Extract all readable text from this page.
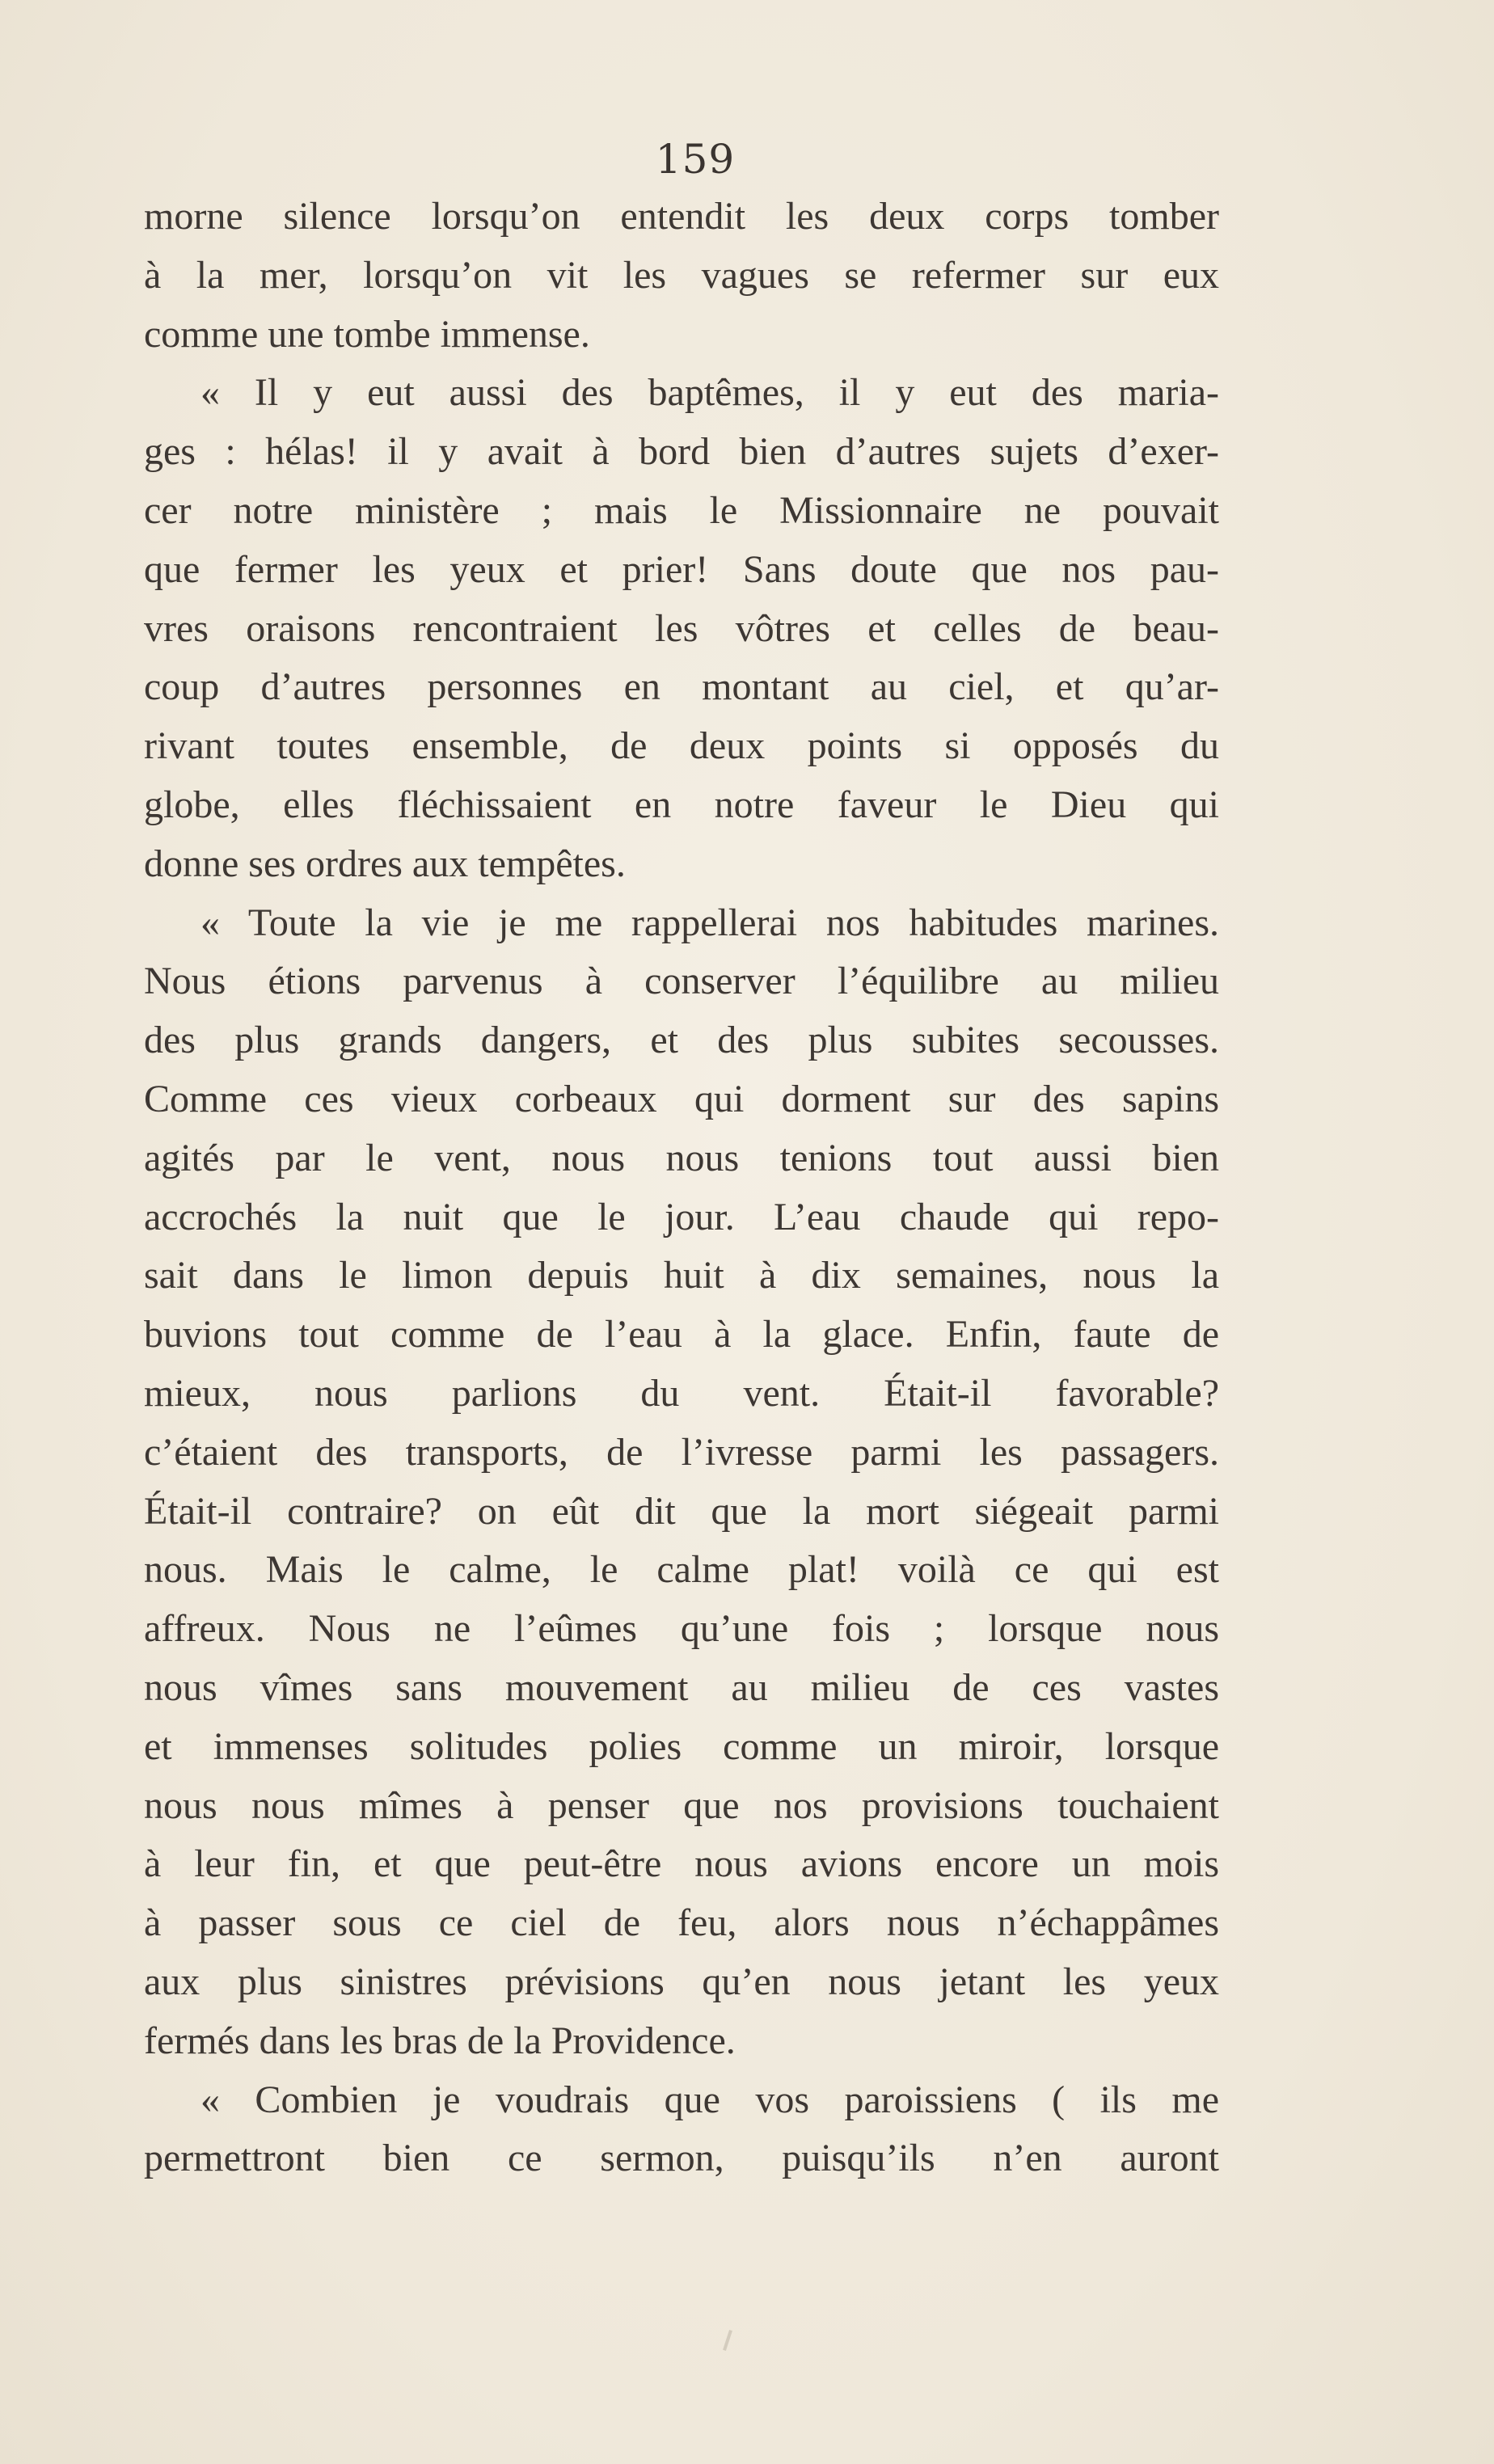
159
morne silence lorsqu’on entendit les deux corps tomber
à la mer, lorsqu’on vit les vagues se refermer sur eux
comme une tombe immense.
« Il y eut aussi des baptêmes, il y eut des maria-
ges : hélas! il y avait à bord bien d’autres sujets d’exer-
cer notre ministère ; mais le Missionnaire ne pouvait
que fermer les yeux et prier! Sans doute que nos pau-
vres oraisons rencontraient les vôtres et celles de beau-
coup d’autres personnes en montant au ciel, et qu’ar-
rivant toutes ensemble, de deux points si opposés du
globe, elles fléchissaient en notre faveur le Dieu qui
donne ses ordres aux tempêtes.
« Toute la vie je me rappellerai nos habitudes marines.
Nous étions parvenus à conserver l’équilibre au milieu
des plus grands dangers, et des plus subites secousses.
Comme ces vieux corbeaux qui dorment sur des sapins
agités par le vent, nous nous tenions tout aussi bien
accrochés la nuit que le jour. L’eau chaude qui repo-
sait dans le limon depuis huit à dix semaines, nous la
buvions tout comme de l’eau à la glace. Enfin, faute de
mieux, nous parlions du vent. Était-il favorable?
c’étaient des transports, de l’ivresse parmi les passagers.
Était-il contraire? on eût dit que la mort siégeait parmi
nous. Mais le calme, le calme plat! voilà ce qui est
affreux. Nous ne l’eûmes qu’une fois ; lorsque nous
nous vîmes sans mouvement au milieu de ces vastes
et immenses solitudes polies comme un miroir, lorsque
nous nous mîmes à penser que nos provisions touchaient
à leur fin, et que peut-être nous avions encore un mois
à passer sous ce ciel de feu, alors nous n’échappâmes
aux plus sinistres prévisions qu’en nous jetant les yeux
fermés dans les bras de la Providence.
« Combien je voudrais que vos paroissiens ( ils me
permettront bien ce sermon, puisqu’ils n’en auront
